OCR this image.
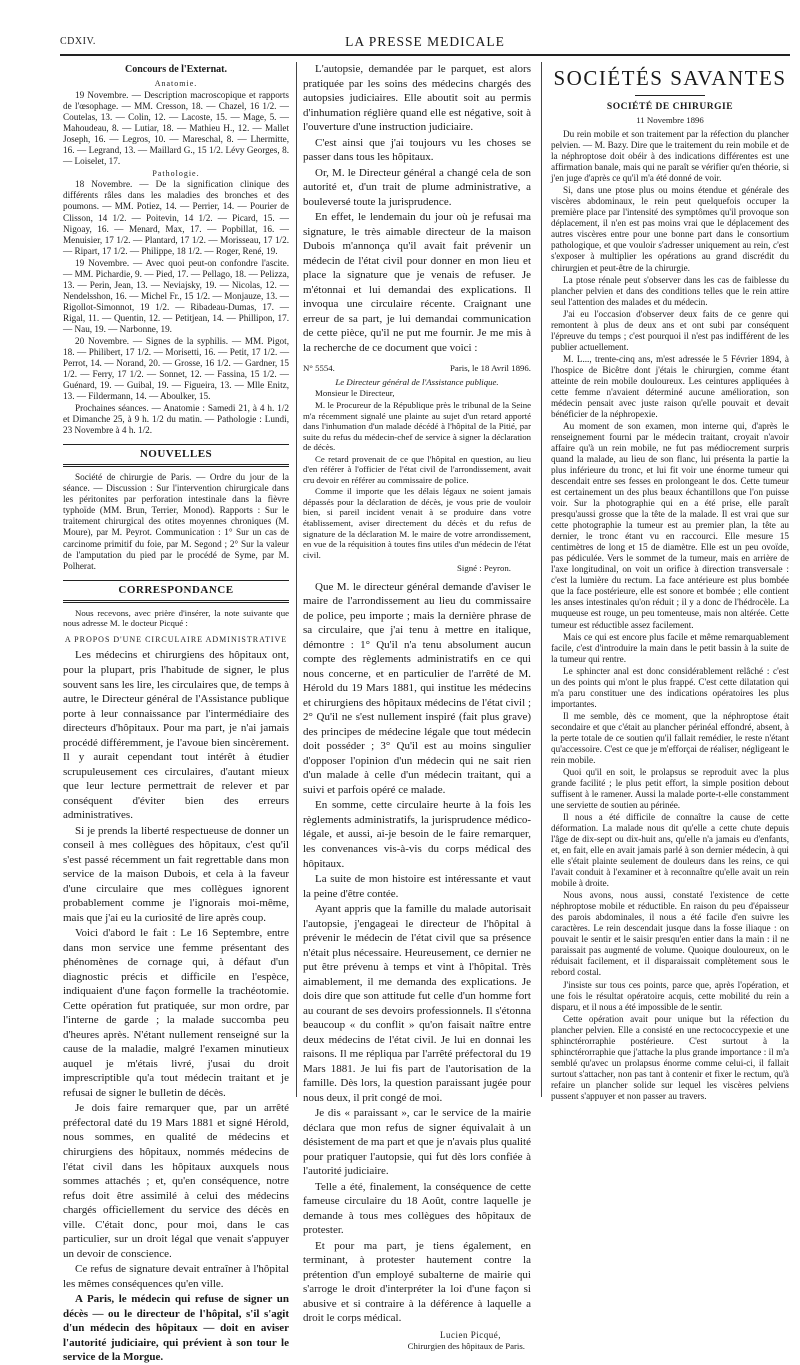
CDXIV.	LA PRESSE MEDICALE
Concours de l'Externat.
Anatomie.

19 Novembre. — Description macroscopique et rapports de l'œsophage. — MM. Cresson, 18. — Chazel, 16 1/2. — Coutelas, 13. — Colin, 12. — Lacoste, 15. — Mage, 5. — Mahoudeau, 8. — Lutiar, 18. — Mathieu H., 12. — Mallet Joseph, 16. — Legros, 10. — Mareschal, 8. — Lhermitte, 16. — Legrand, 13. — Maillard G., 15 1/2. Lévy Georges, 8. — Loiselet, 17.

Pathologie.

18 Novembre. — De la signification clinique des différents râles dans les maladies des bronches et des poumons. — MM. Potiez, 14. — Perrier, 14. — Pourier de Clisson, 14 1/2. — Poitevin, 14 1/2. — Picard, 15. — Nigoay, 16. — Menard, Max, 17. — Popbillat, 16. — Menuisier, 17 1/2. — Plantard, 17 1/2. — Morisseau, 17 1/2. — Ripart, 17 1/2. — Philippe, 18 1/2. — Roger, René, 19.

19 Novembre. — Avec quoi peut-on confondre l'ascite. — MM. Pichardie, 9. — Pied, 17. — Pellago, 18. — Pelizza, 13. — Perin, Jean, 13. — Neviajsky, 19. — Nicolas, 12. — Nendelsshon, 16. — Michel Fr., 15 1/2. — Monjauze, 13. — Rigollot-Simonnot, 19 1/2. — Ribadeau-Dumas, 17. — Rigal, 11. — Quentin, 12. — Petitjean, 14. — Phillipon, 17. — Nau, 19. — Narbonne, 19.

20 Novembre. — Signes de la syphilis. — MM. Pigot, 18. — Philibert, 17 1/2. — Morisetti, 16. — Petit, 17 1/2. — Perrot, 14. — Norand, 20. — Grosse, 16 1/2. — Gardner, 15 1/2. — Ferry, 17 1/2. — Sonnet, 12. — Fassina, 15 1/2. — Guénard, 19. — Guibal, 19. — Figueira, 13. — Mlle Enitz, 13. — Fildermann, 14. — Aboulker, 15.

Prochaines séances. — Anatomie : Samedi 21, à 4 h. 1/2 et Dimanche 25, à 9 h. 1/2 du matin. — Pathologie : Lundi, 23 Novembre à 4 h. 1/2.

NOUVELLES

Société de chirurgie de Paris. — Ordre du jour de la séance. — Discussion : Sur l'intervention chirurgicale dans les péritonites par perforation intestinale dans la fièvre typhoïde (MM. Brun, Terrier, Monod). Rapports : Sur le traitement chirurgical des otites moyennes chroniques (M. Moure), par M. Peyrot. Communication : 1° Sur un cas de carcinome primitif du foie, par M. Segond ; 2° Sur la valeur de l'amputation du pied par le procédé de Syme, par M. Polherat.

CORRESPONDANCE

Nous recevons, avec prière d'insérer, la note suivante que nous adresse M. le docteur Picqué :

A PROPOS D'UNE CIRCULAIRE ADMINISTRATIVE

Les médecins et chirurgiens des hôpitaux ont, pour la plupart, pris l'habitude de signer, le plus souvent sans les lire, les circulaires que, de temps à autre, le Directeur général de l'Assistance publique porte à leur connaissance par l'intermédiaire des directeurs d'hôpitaux. Pour ma part, je n'ai jamais procédé différemment, je l'avoue bien sincèrement. Il y aurait cependant tout intérêt à étudier scrupuleusement ces circulaires, d'autant mieux que leur lecture permettrait de relever et par conséquent d'éviter bien des erreurs administratives.

Si je prends la liberté respectueuse de donner un conseil à mes collègues des hôpitaux, c'est qu'il s'est passé récemment un fait regrettable dans mon service de la maison Dubois, et cela à la faveur d'une circulaire que mes collègues ignorent probablement comme je l'ignorais moi-même, mais que j'ai eu la curiosité de lire après coup.

Voici d'abord le fait : Le 16 Septembre, entre dans mon service une femme présentant des phénomènes de cornage qui, à défaut d'un diagnostic précis et difficile en l'espèce, indiquaient d'une façon formelle la trachéotomie. Cette opération fut pratiquée, sur mon ordre, par l'interne de garde ; la malade succomba peu d'heures après. N'étant nullement renseigné sur la cause de la maladie, malgré l'examen minutieux auquel je m'étais livré, j'usai du droit imprescriptible qu'a tout médecin traitant et je refusai de signer le bulletin de décès.

Je dois faire remarquer que, par un arrêté préfectoral daté du 19 Mars 1881 et signé Hérold, nous sommes, en qualité de médecins et chirurgiens des hôpitaux, nommés médecins de l'état civil dans les hôpitaux auxquels nous sommes attachés ; et, qu'en conséquence, notre refus doit être assimilé à celui des médecins chargés officiellement du service des décès en ville. C'était donc, pour moi, dans le cas particulier, sur un droit légal que venait s'appuyer un devoir de conscience.

Ce refus de signature devait entraîner à l'hôpital les mêmes conséquences qu'en ville.

A Paris, le médecin qui refuse de signer un décès — ou le directeur de l'hôpital, s'il s'agit d'un médecin des hôpitaux — doit en aviser l'autorité judiciaire, qui prévient à son tour le service de la Morgue.

L'autopsie, demandée par le parquet, est alors pratiquée par les soins des médecins chargés des autopsies judiciaires. Elle aboutit soit au permis d'inhumation réglière quand elle est négative, soit à l'ouverture d'une instruction judiciaire.

C'est ainsi que j'ai toujours vu les choses se passer dans tous les hôpitaux.

Or, M. le Directeur général a changé cela de son autorité et, d'un trait de plume administrative, a bouleversé toute la jurisprudence.

En effet, le lendemain du jour où je refusai ma signature, le très aimable directeur de la maison Dubois m'annonça qu'il avait fait prévenir un médecin de l'état civil pour donner en mon lieu et place la signature que je venais de refuser. Je m'étonnai et lui demandai des explications. Il invoqua une circulaire récente. Craignant une erreur de sa part, je lui demandai communication de cette pièce, qu'il ne put me fournir. Je me mis à la recherche de ce document que voici :

N° 5554.	Paris, le 18 Avril 1896.

Le Directeur général de l'Assistance publique.

Monsieur le Directeur,

M. le Procureur de la République près le tribunal de la Seine m'a récemment signalé une plainte au sujet d'un retard apporté dans l'inhumation d'un malade décédé à l'hôpital de la Pitié, par suite du refus du médecin-chef de service à signer la déclaration de décès.

Ce retard provenait de ce que l'hôpital en question, au lieu d'en référer à l'officier de l'état civil de l'arrondissement, avait cru devoir en référer au commissaire de police.

Comme il importe que les délais légaux ne soient jamais dépassés pour la déclaration de décès, je vous prie de vouloir bien, si pareil incident venait à se produire dans votre établissement, aviser directement du décès et du refus de signature de la déclaration M. le maire de votre arrondissement, en vue de la réquisition à toutes fins utiles d'un médecin de l'état civil.

Signé : Peyron.

Que M. le directeur général demande d'aviser le maire de l'arrondissement au lieu du commissaire de police, peu importe ; mais la dernière phrase de sa circulaire, que j'ai tenu à mettre en italique, démontre : 1° Qu'il n'a tenu absolument aucun compte des règlements administratifs en ce qui nous concerne, et en particulier de l'arrêté de M. Hérold du 19 Mars 1881, qui institue les médecins et chirurgiens des hôpitaux médecins de l'état civil ; 2° Qu'il ne s'est nullement inspiré (fait plus grave) des principes de médecine légale que tout médecin doit posséder ; 3° Qu'il est au moins singulier d'opposer l'opinion d'un médecin qui ne sait rien d'un malade à celle d'un médecin traitant, qui a suivi et parfois opéré ce malade.

En somme, cette circulaire heurte à la fois les règlements administratifs, la jurisprudence médico-légale, et aussi, ai-je besoin de le faire remarquer, les convenances vis-à-vis du corps médical des hôpitaux.

La suite de mon histoire est intéressante et vaut la peine d'être contée.

Ayant appris que la famille du malade autorisait l'autopsie, j'engageai le directeur de l'hôpital à prévenir le médecin de l'état civil que sa présence n'était plus nécessaire. Heureusement, ce dernier ne put être prévenu à temps et vint à l'hôpital. Très aimablement, il me demanda des explications. Je dois dire que son attitude fut celle d'un homme fort au courant de ses devoirs professionnels. Il s'étonna beaucoup « du conflit » qu'on faisait naître entre deux médecins de l'état civil. Je lui en donnai les raisons. Il me répliqua par l'arrêté préfectoral du 19 Mars 1881. Je lui fis part de l'autorisation de la famille. Dès lors, la question paraissant jugée pour nous deux, il prit congé de moi.

Je dis « paraissant », car le service de la mairie déclara que mon refus de signer équivalait à un désistement de ma part et que je n'avais plus qualité pour pratiquer l'autopsie, qui fut dès lors confiée à l'autorité judiciaire.

Telle a été, finalement, la conséquence de cette fameuse circulaire du 18 Août, contre laquelle je demande à tous mes collègues des hôpitaux de protester.

Et pour ma part, je tiens également, en terminant, à protester hautement contre la prétention d'un employé subalterne de mairie qui s'arroge le droit d'interpréter la loi d'une façon si abusive et si contraire à la déférence à laquelle a droit le corps médical.

Lucien Picqué,

Chirurgien des hôpitaux de Paris.

SOCIÉTÉS SAVANTES
SOCIÉTÉ DE CHIRURGIE

11 Novembre 1896

Du rein mobile et son traitement par la réfection du plancher pelvien. — M. Bazy. Dire que le traitement du rein mobile et de la néphroptose doit obéir à des indications différentes est une affirmation banale, mais qui ne paraît se vérifier qu'en théorie, si j'en juge d'après ce qu'il m'a été donné de voir.

Si, dans une ptose plus ou moins étendue et générale des viscères abdominaux, le rein peut quelquefois occuper la première place par l'intensité des symptômes qu'il provoque son déplacement, il n'en est pas moins vrai que le déplacement des autres viscères entre pour une bonne part dans le consortium pathologique, et que vouloir s'adresser uniquement au rein, c'est s'exposer à multiplier les opérations au grand discrédit du chirurgien et peut-être de la chirurgie.

La ptose rénale peut s'observer dans les cas de faiblesse du plancher pelvien et dans des conditions telles que le rein attire seul l'attention des malades et du médecin.

J'ai eu l'occasion d'observer deux faits de ce genre qui remontent à plus de deux ans et ont subi par conséquent l'épreuve du temps ; c'est pourquoi il n'est pas indifférent de les publier actuellement.

M. L..., trente-cinq ans, m'est adressée le 5 Février 1894, à l'hospice de Bicêtre dont j'étais le chirurgien, comme étant atteinte de rein mobile douloureux. Les ceintures appliquées à cette femme n'avaient déterminé aucune amélioration, son médecin pensait avec juste raison qu'elle pouvait et devait bénéficier de la néphropexie.

Au moment de son examen, mon interne qui, d'après le renseignement fourni par le médecin traitant, croyait n'avoir affaire qu'à un rein mobile, ne fut pas médiocrement surpris quand la malade, au lieu de son flanc, lui présenta la partie la plus inférieure du tronc, et lui fit voir une énorme tumeur qui descendait entre ses fesses en prolongeant le dos. Cette tumeur est certainement un des plus beaux échantillons que l'on puisse voir. Sur la photographie qui en a été prise, elle paraît presqu'aussi grosse que la tête de la malade. Il est vrai que sur cette photographie la tumeur est au premier plan, la tête au dernier, le tronc étant vu en raccourci. Elle mesure 15 centimètres de long et 15 de diamètre. Elle est un peu ovoïde, pas pédiculée. Vers le sommet de la tumeur, mais en arrière de l'axe longitudinal, on voit un orifice à direction transversale : c'est la lumière du rectum. La face antérieure est plus bombée que la face postérieure, elle est sonore et bombée ; elle contient les anses intestinales qu'on réduit ; il y a donc de l'hédrocèle. La muqueuse est rouge, un peu tomenteuse, mais non altérée. Cette tumeur est réductible assez facilement.

Mais ce qui est encore plus facile et même remarquablement facile, c'est d'introduire la main dans le petit bassin à la suite de la tumeur qui rentre.

Le sphincter anal est donc considérablement relâché : c'est un des points qui m'ont le plus frappé. C'est cette dilatation qui m'a paru constituer une des indications opératoires les plus importantes.

Il me semble, dès ce moment, que la néphroptose était secondaire et que c'était au plancher périnéal effondré, absent, à la perte totale de ce soutien qu'il fallait remédier, le reste n'étant qu'accessoire. C'est ce que je m'efforçai de réaliser, négligeant le rein mobile.

Quoi qu'il en soit, le prolapsus se reproduit avec la plus grande facilité ; le plus petit effort, la simple position debout suffisent à le ramener. Aussi la malade porte-t-elle constamment une serviette de soutien au périnée.

Il nous a été difficile de connaître la cause de cette déformation. La malade nous dit qu'elle a cette chute depuis l'âge de dix-sept ou dix-huit ans, qu'elle n'a jamais eu d'enfants, et, en fait, elle en avait jamais parlé à son dernier médecin, à qui elle s'était plainte seulement de douleurs dans les reins, ce qui l'avait conduit à l'examiner et à reconnaître qu'elle avait un rein mobile à droite.

Nous avons, nous aussi, constaté l'existence de cette néphroptose mobile et réductible. En raison du peu d'épaisseur des parois abdominales, il nous a été facile d'en suivre les caractères. Le rein descendait jusque dans la fosse iliaque : on pouvait le sentir et le saisir presqu'en entier dans la main : il ne paraissait pas augmenté de volume. Quoique douloureux, on le réduisait facilement, et il disparaissait complètement sous le rebord costal.

J'insiste sur tous ces points, parce que, après l'opération, et une fois le résultat opératoire acquis, cette mobilité du rein a disparu, et il nous a été impossible de le sentir.

Cette opération avait pour unique but la réfection du plancher pelvien. Elle a consisté en une rectococcypexie et une sphinctérorraphie postérieure. C'est surtout à la sphinctérorraphie que j'attache la plus grande importance : il m'a semblé qu'avec un prolapsus énorme comme celui-ci, il fallait surtout s'attacher, non pas tant à contenir et fixer le rectum, qu'à refaire un plancher solide sur lequel les viscères pelviens pussent s'appuyer et non passer au travers.
